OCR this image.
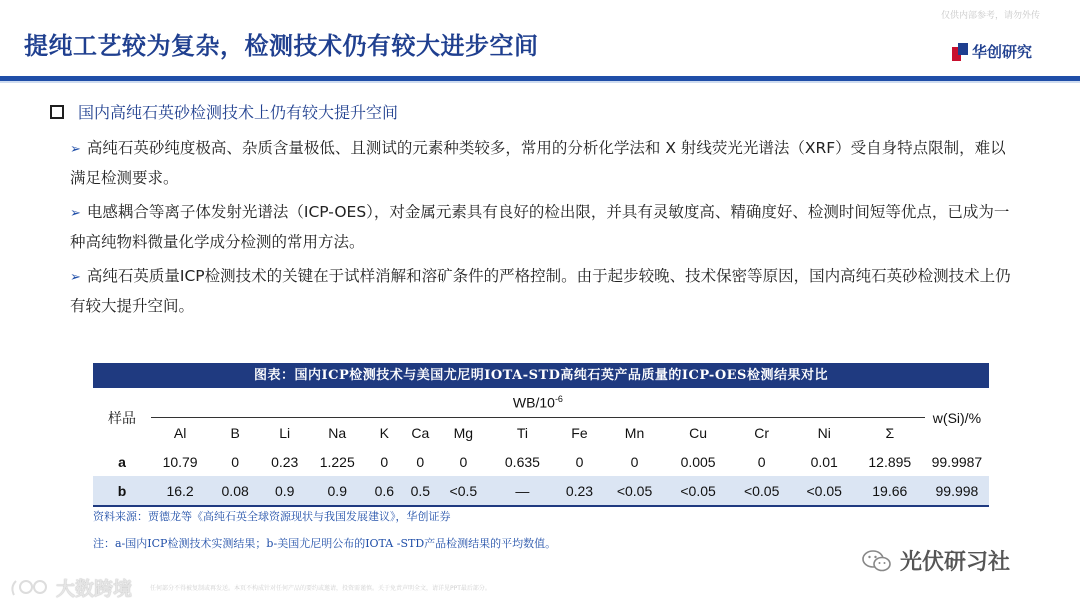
提纯工艺较为复杂，检测技术仍有较大进步空间
仅供内部参考，请勿外传
华创研究
国内高纯石英砂检测技术上仍有较大提升空间
➢ 高纯石英砂纯度极高、杂质含量极低、且测试的元素种类较多，常用的分析化学法和 X 射线荧光光谱法（XRF）受自身特点限制，难以满足检测要求。
➢ 电感耦合等离子体发射光谱法（ICP-OES），对金属元素具有良好的检出限，并具有灵敏度高、精确度好、检测时间短等优点，已成为一种高纯物料微量化学成分检测的常用方法。
➢ 高纯石英质量ICP检测技术的关键在于试样消解和溶矿条件的严格控制。由于起步较晚、技术保密等原因，国内高纯石英砂检测技术上仍有较大提升空间。
图表：国内ICP检测技术与美国尤尼明IOTA-STD高纯石英产品质量的ICP-OES检测结果对比
样品	$WB/10^{-6}$														w(Si)/%
	Al	B	Li	Na	K	Ca	Mg	Ti	Fe	Mn	Cu	Cr	Ni	Σ	
a	10.79	0	0.23	1.225	0	0	0	0.635	0	0	0.005	0	0.01	12.895	99.9987
b	16.2	0.08	0.9	0.9	0.6	0.5	<0.5	—	0.23	<0.05	<0.05	<0.05	<0.05	19.66	99.998
资料来源：贾德龙等《高纯石英全球资源现状与我国发展建议》，华创证券
注：a-国内ICP检测技术实测结果；b-美国尤尼明公布的IOTA -STD产品检测结果的平均数值。
光伏研习社
大数跨境	任何部分不得被复制或再发送。本页不构成针对任何产品的要约或邀请，投资需谨慎。关于免责声明全文，请详见PPT最后部分。
